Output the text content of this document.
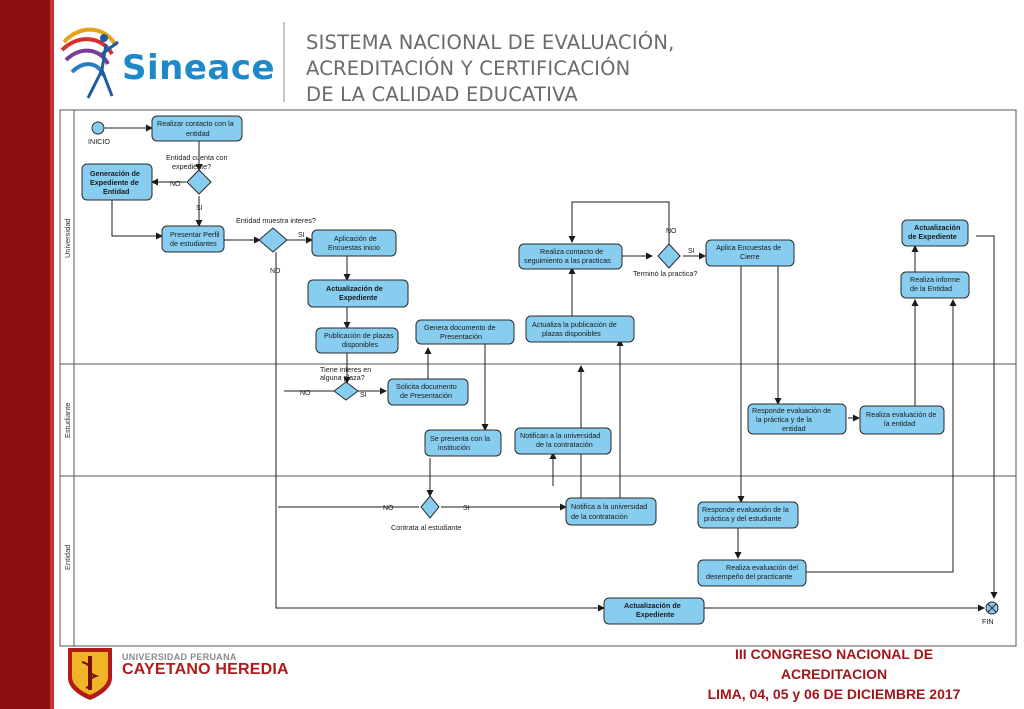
Sineace
SISTEMA NACIONAL DE EVALUACIÓN,
ACREDITACIÓN Y CERTIFICACIÓN
DE LA CALIDAD EDUCATIVA
Universidad
Estudiante
Entidad
INICIO
FIN
Realizar contacto con la
entidad
Entidad cuenta con
expediente?
Generación de
Expediente de
Entidad
Presentar Perfil
de estudiantes
Entidad muestra interes?
Aplicación de
Encuestas inicio
Actualización de
Expediente
Publicación de plazas
disponibles
Tiene interes en
alguna plaza?
Solicita documento
de Presentación
Genera documento de
Presentación
Se presenta con la
institución
Contrata al estudiante
Notifican a la universidad
de la contratación
Notifica a la universidad
de la contratación
Actualiza la publicación de
plazas disponibles
Realiza contacto de
seguimiento a las practicas
Terminó la practica?
Aplica Encuestas de
Cierre
Responde evaluación de
la práctica y de la
entidad
Realiza evaluación de
la entidad
Responde evaluación de la
práctica y del estudiante
Realiza evaluación del
desempeño del practicante
Realiza informe
de la Entidad
Actualización
de Expediente
Actualización de
Expediente
NO
SI
SI
NO
NO	SI
NO	SI
NO
SI
UNIVERSIDAD PERUANA
CAYETANO HEREDIA
III CONGRESO NACIONAL DE
ACREDITACION
LIMA, 04, 05 y 06 DE DICIEMBRE 2017
